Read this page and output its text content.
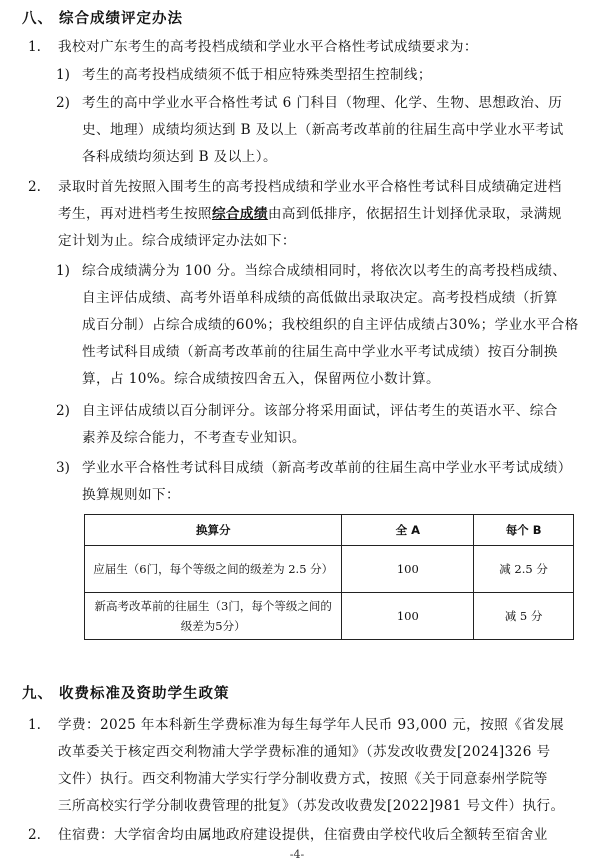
八、 综合成绩评定办法
1. 我校对广东考生的高考投档成绩和学业水平合格性考试成绩要求为：
1) 考生的高考投档成绩须不低于相应特殊类型招生控制线；
2) 考生的高中学业水平合格性考试 6 门科目（物理、化学、生物、思想政治、历
史、地理）成绩均须达到 B 及以上（新高考改革前的往届生高中学业水平考试
各科成绩均须达到 B 及以上）。
2. 录取时首先按照入围考生的高考投档成绩和学业水平合格性考试科目成绩确定进档
考生，再对进档考生按照综合成绩由高到低排序，依据招生计划择优录取，录满规
定计划为止。综合成绩评定办法如下：
1) 综合成绩满分为 100 分。当综合成绩相同时，将依次以考生的高考投档成绩、
自主评估成绩、高考外语单科成绩的高低做出录取决定。高考投档成绩（折算
成百分制）占综合成绩的60%；我校组织的自主评估成绩占30%；学业水平合格
性考试科目成绩（新高考改革前的往届生高中学业水平考试成绩）按百分制换
算，占 10%。综合成绩按四舍五入，保留两位小数计算。
2) 自主评估成绩以百分制评分。该部分将采用面试，评估考生的英语水平、综合
素养及综合能力，不考查专业知识。
3) 学业水平合格性考试科目成绩（新高考改革前的往届生高中学业水平考试成绩）
换算规则如下：
换算分	全 A	每个 B
应届生（6门，每个等级之间的级差为 2.5 分）	100	减 2.5 分
新高考改革前的往届生（3门，每个等级之间的级差为5分）	100	减 5 分
九、 收费标准及资助学生政策
1. 学费：2025 年本科新生学费标准为每生每学年人民币 93,000 元，按照《省发展
改革委关于核定西交利物浦大学学费标准的通知》（苏发改收费发[2024]326 号
文件）执行。西交利物浦大学实行学分制收费方式，按照《关于同意泰州学院等
三所高校实行学分制收费管理的批复》（苏发改收费发[2022]981 号文件）执行。
2. 住宿费：大学宿舍均由属地政府建设提供，住宿费由学校代收后全额转至宿舍业
-4-
